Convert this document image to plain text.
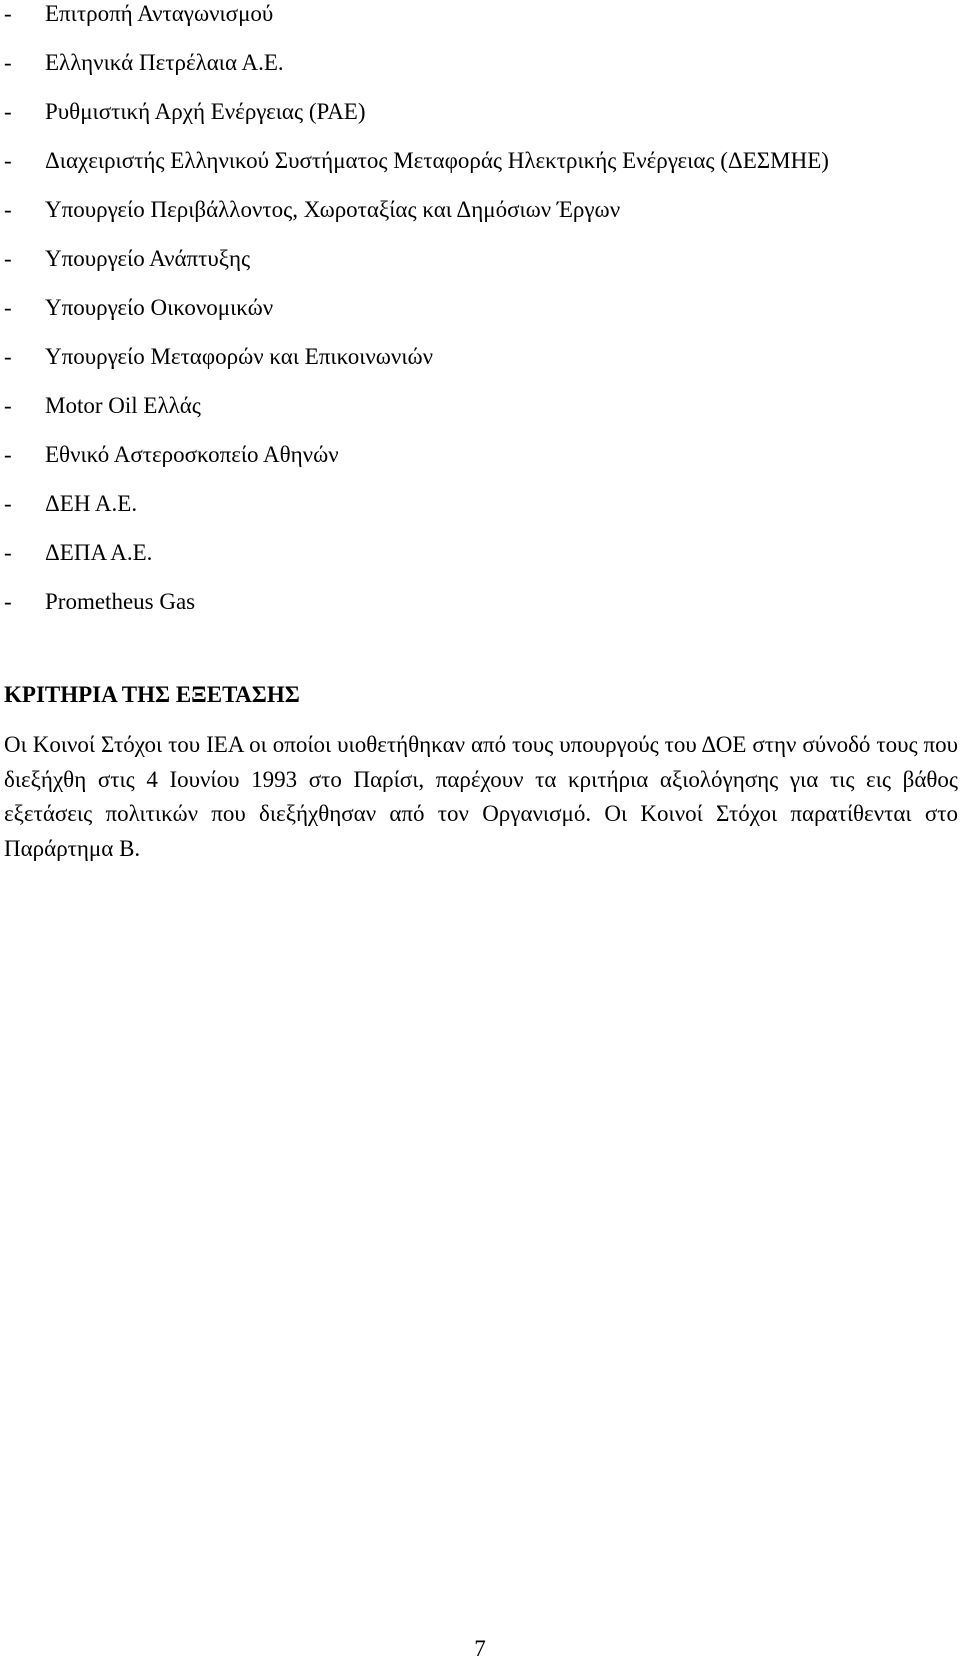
- Επιτροπή Ανταγωνισμού
- Ελληνικά Πετρέλαια Α.Ε.
- Ρυθμιστική Αρχή Ενέργειας (ΡΑΕ)
- Διαχειριστής Ελληνικού Συστήματος Μεταφοράς Ηλεκτρικής Ενέργειας (ΔΕΣΜΗΕ)
- Υπουργείο Περιβάλλοντος, Χωροταξίας και Δημόσιων Έργων
- Υπουργείο Ανάπτυξης
- Υπουργείο Οικονομικών
- Υπουργείο Μεταφορών και Επικοινωνιών
- Motor Oil Ελλάς
- Εθνικό Αστεροσκοπείο Αθηνών
- ΔΕΗ Α.Ε.
- ΔΕΠΑ Α.Ε.
- Prometheus Gas
ΚΡΙΤΗΡΙΑ ΤΗΣ ΕΞΕΤΑΣΗΣ

Οι Κοινοί Στόχοι του ΙΕΑ οι οποίοι υιοθετήθηκαν από τους υπουργούς του ΔΟΕ στην σύνοδό τους που διεξήχθη στις 4 Ιουνίου 1993 στο Παρίσι, παρέχουν τα κριτήρια αξιολόγησης για τις εις βάθος εξετάσεις πολιτικών που διεξήχθησαν από τον Οργανισμό. Οι Κοινοί Στόχοι παρατίθενται στο Παράρτημα Β.

7
